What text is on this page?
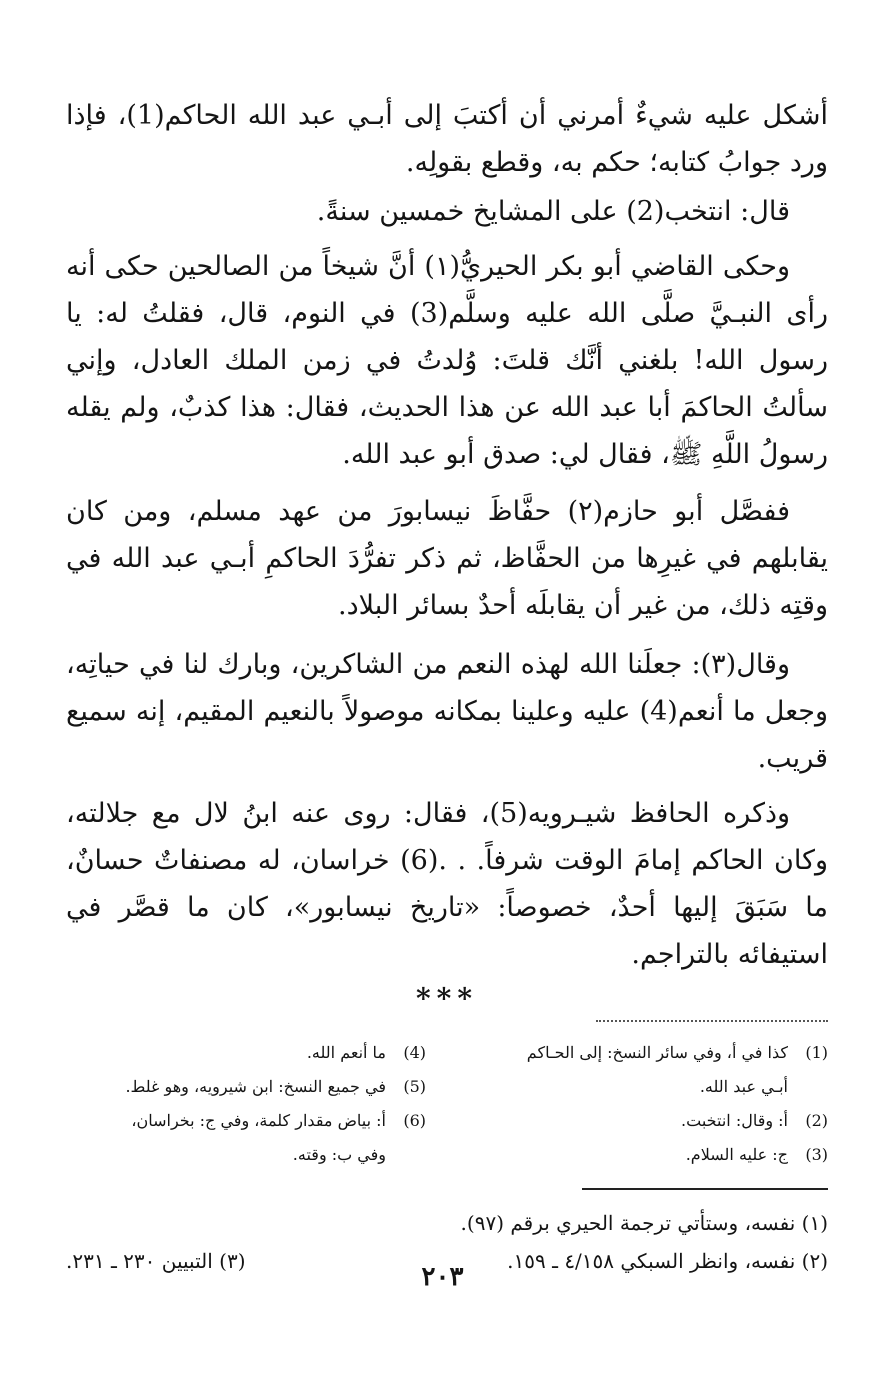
أشكل عليه شيءٌ أمرني أن أكتبَ إلى أبـي عبد الله الحاكم(1)، فإذا ورد جوابُ كتابه؛ حكم به، وقطع بقولِه.

قال: انتخب(2) على المشايخ خمسين سنةً.

وحكى القاضي أبو بكر الحيريُّ(١) أنَّ شيخاً من الصالحين حكى أنه رأى النبـيَّ صلَّى الله عليه وسلَّم(3) في النوم، قال، فقلتُ له: يا رسول الله! بلغني أنَّك قلتَ: وُلدتُ في زمن الملك العادل، وإني سألتُ الحاكمَ أبا عبد الله عن هذا الحديث، فقال: هذا كذبٌ، ولم يقله رسولُ اللَّهِ ﷺ، فقال لي: صدق أبو عبد الله.

ففصَّل أبو حازم(٢) حفَّاظَ نيسابورَ من عهد مسلم، ومن كان يقابلهم في غيرِها من الحفَّاظ، ثم ذكر تفرُّدَ الحاكمِ أبـي عبد الله في وقتِه ذلك، من غير أن يقابلَه أحدٌ بسائر البلاد.

وقال(٣): جعلَنا الله لهذه النعم من الشاكرين، وبارك لنا في حياتِه، وجعل ما أنعم(4) عليه وعلينا بمكانه موصولاً بالنعيم المقيم، إنه سميع قريب.

وذكره الحافظ شيـرويه(5)، فقال: روى عنه ابنُ لال مع جلالته، وكان الحاكم إمامَ الوقت شرفاً. . .(6) خراسان، له مصنفاتٌ حسانٌ، ما سَبَقَ إليها أحدٌ، خصوصاً: «تاريخ نيسابور»، كان ما قصَّر في استيفائه بالتراجم.

***
(1)
كذا في أ، وفي سائر النسخ: إلى الحـاكم
أبـي عبد الله.
(2)
أ: وقال: انتخبت.
(3)
ج: عليه السلام.
(4)
ما أنعم الله.
(5)
في جميع النسخ: ابن شيرويه، وهو غلط.
(6)
أ: بياض مقدار كلمة، وفي ج: بخراسان،
وفي ب: وقته.
(١) نفسه، وستأتي ترجمة الحيري برقم (٩٧).
(٢) نفسه، وانظر السبكي ٤/١٥٨ ـ ١٥٩.
(٣) التبيين ٢٣٠ ـ ٢٣١.
٢٠٣
